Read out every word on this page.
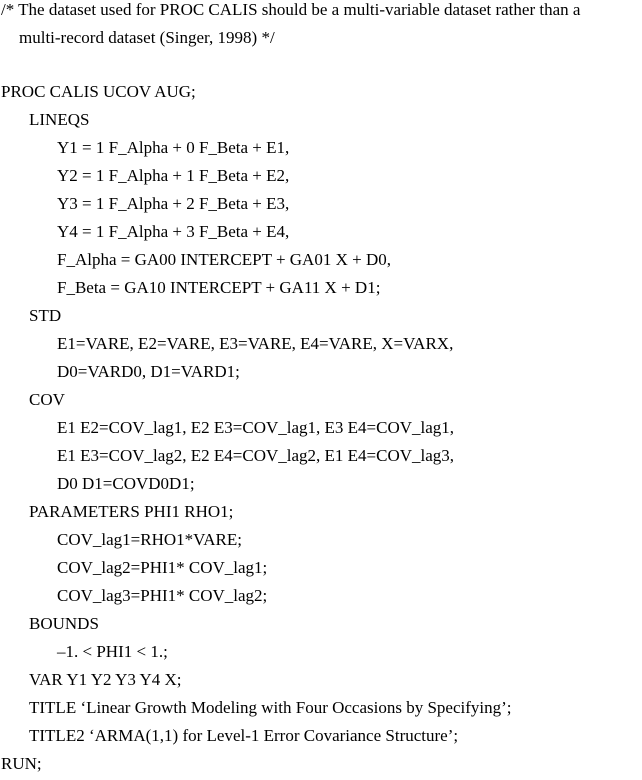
/* The dataset used for PROC CALIS should be a multi-variable dataset rather than a
multi-record dataset (Singer, 1998) */
PROC CALIS UCOV AUG;
LINEQS
Y1 = 1 F_Alpha + 0 F_Beta + E1,
Y2 = 1 F_Alpha + 1 F_Beta + E2,
Y3 = 1 F_Alpha + 2 F_Beta + E3,
Y4 = 1 F_Alpha + 3 F_Beta + E4,
F_Alpha = GA00 INTERCEPT + GA01 X + D0,
F_Beta = GA10 INTERCEPT + GA11 X + D1;
STD
E1=VARE, E2=VARE, E3=VARE, E4=VARE, X=VARX,
D0=VARD0, D1=VARD1;
COV
E1 E2=COV_lag1, E2 E3=COV_lag1, E3 E4=COV_lag1,
E1 E3=COV_lag2, E2 E4=COV_lag2, E1 E4=COV_lag3,
D0 D1=COVD0D1;
PARAMETERS PHI1 RHO1;
COV_lag1=RHO1*VARE;
COV_lag2=PHI1* COV_lag1;
COV_lag3=PHI1* COV_lag2;
BOUNDS
–1. < PHI1 < 1.;
VAR Y1 Y2 Y3 Y4 X;
TITLE ‘Linear Growth Modeling with Four Occasions by Specifying’;
TITLE2 ‘ARMA(1,1) for Level-1 Error Covariance Structure’;
RUN;
